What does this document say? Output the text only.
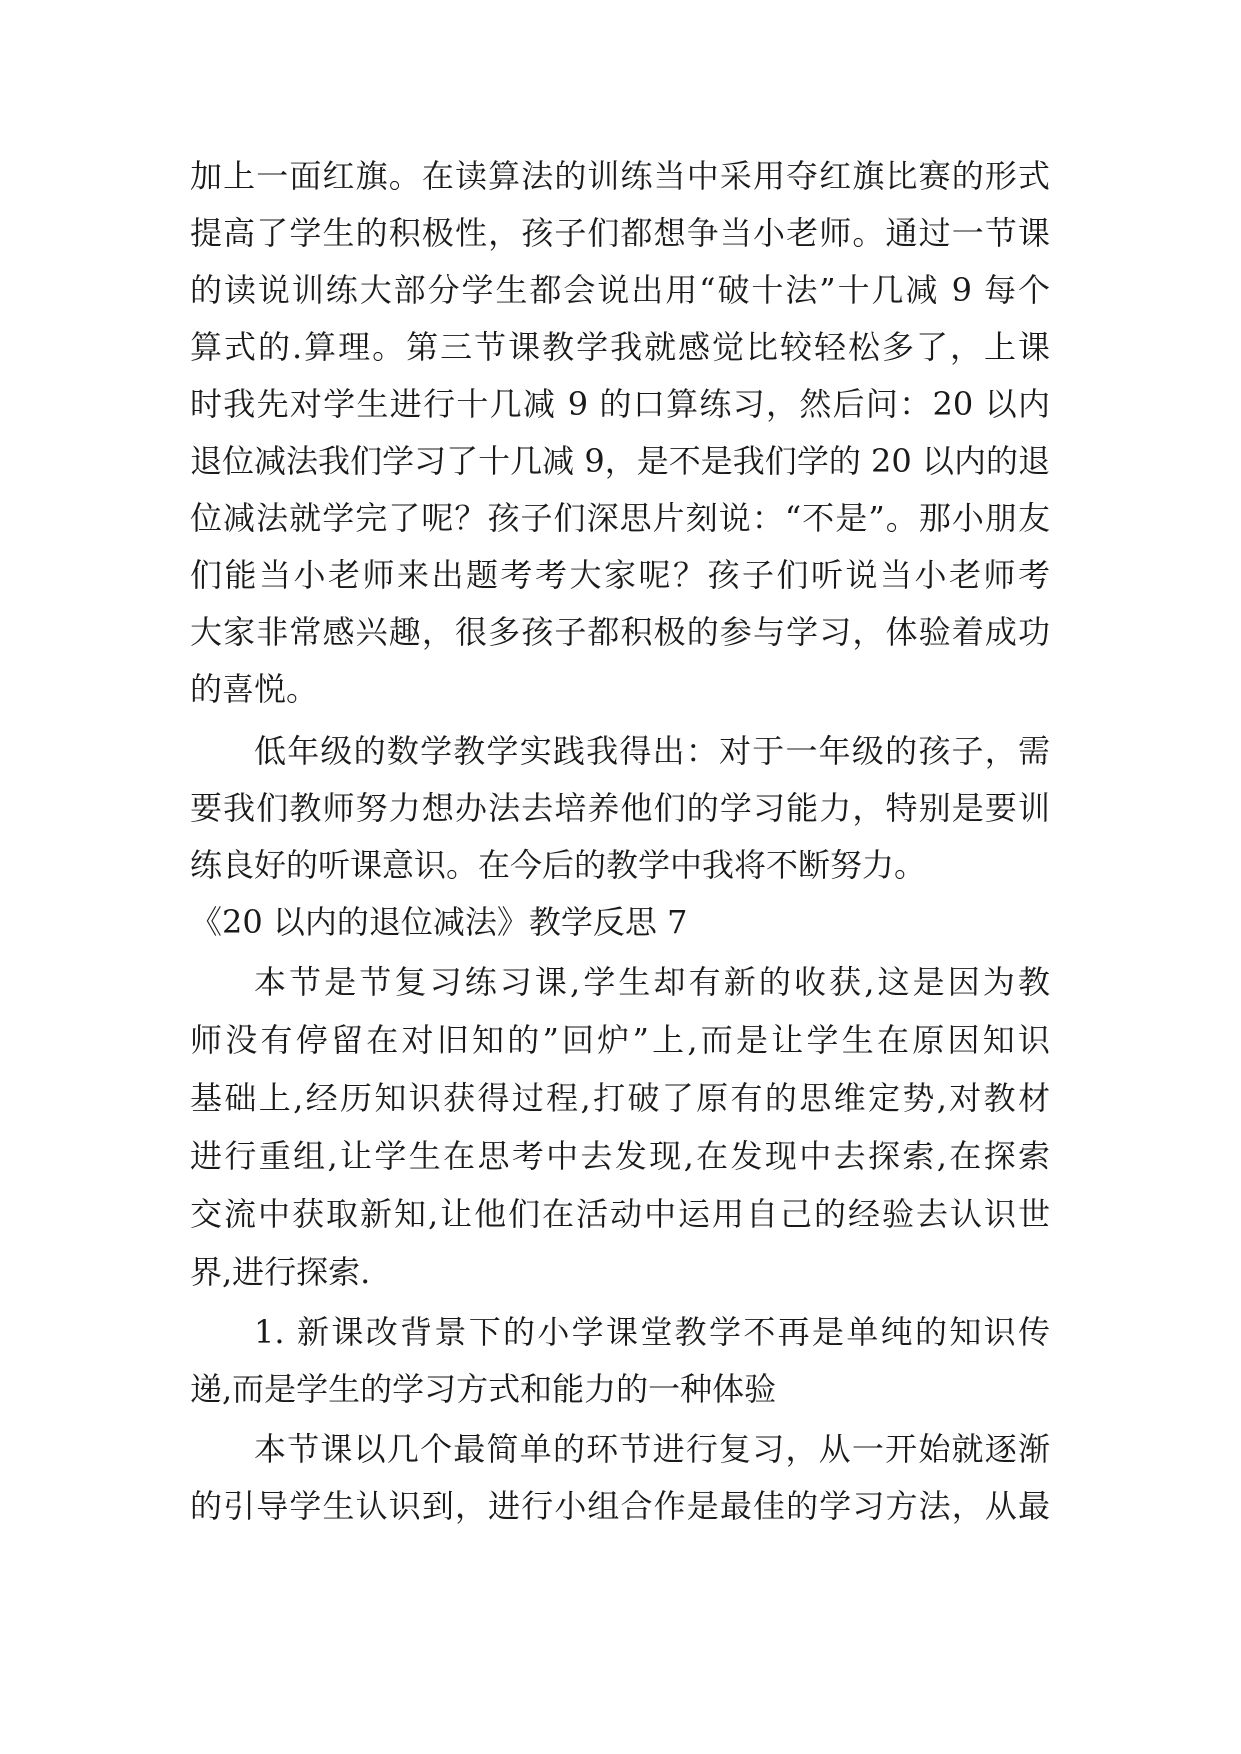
加上一面红旗。在读算法的训练当中采用夺红旗比赛的形式
提高了学生的积极性，孩子们都想争当小老师。通过一节课
的读说训练大部分学生都会说出用“破十法”十几减 9 每个
算式的.算理。第三节课教学我就感觉比较轻松多了，上课
时我先对学生进行十几减 9 的口算练习，然后问：20 以内
退位减法我们学习了十几减 9，是不是我们学的 20 以内的退
位减法就学完了呢？孩子们深思片刻说：“不是”。那小朋友
们能当小老师来出题考考大家呢？孩子们听说当小老师考
大家非常感兴趣，很多孩子都积极的参与学习，体验着成功
的喜悦。
低年级的数学教学实践我得出：对于一年级的孩子，需
要我们教师努力想办法去培养他们的学习能力，特别是要训
练良好的听课意识。在今后的教学中我将不断努力。
《20 以内的退位减法》教学反思 7
本节是节复习练习课,学生却有新的收获,这是因为教
师没有停留在对旧知的”回炉”上,而是让学生在原因知识
基础上,经历知识获得过程,打破了原有的思维定势,对教材
进行重组,让学生在思考中去发现,在发现中去探索,在探索
交流中获取新知,让他们在活动中运用自己的经验去认识世
界,进行探索.
1. 新课改背景下的小学课堂教学不再是单纯的知识传
递,而是学生的学习方式和能力的一种体验
本节课以几个最简单的环节进行复习，从一开始就逐渐
的引导学生认识到，进行小组合作是最佳的学习方法，从最
